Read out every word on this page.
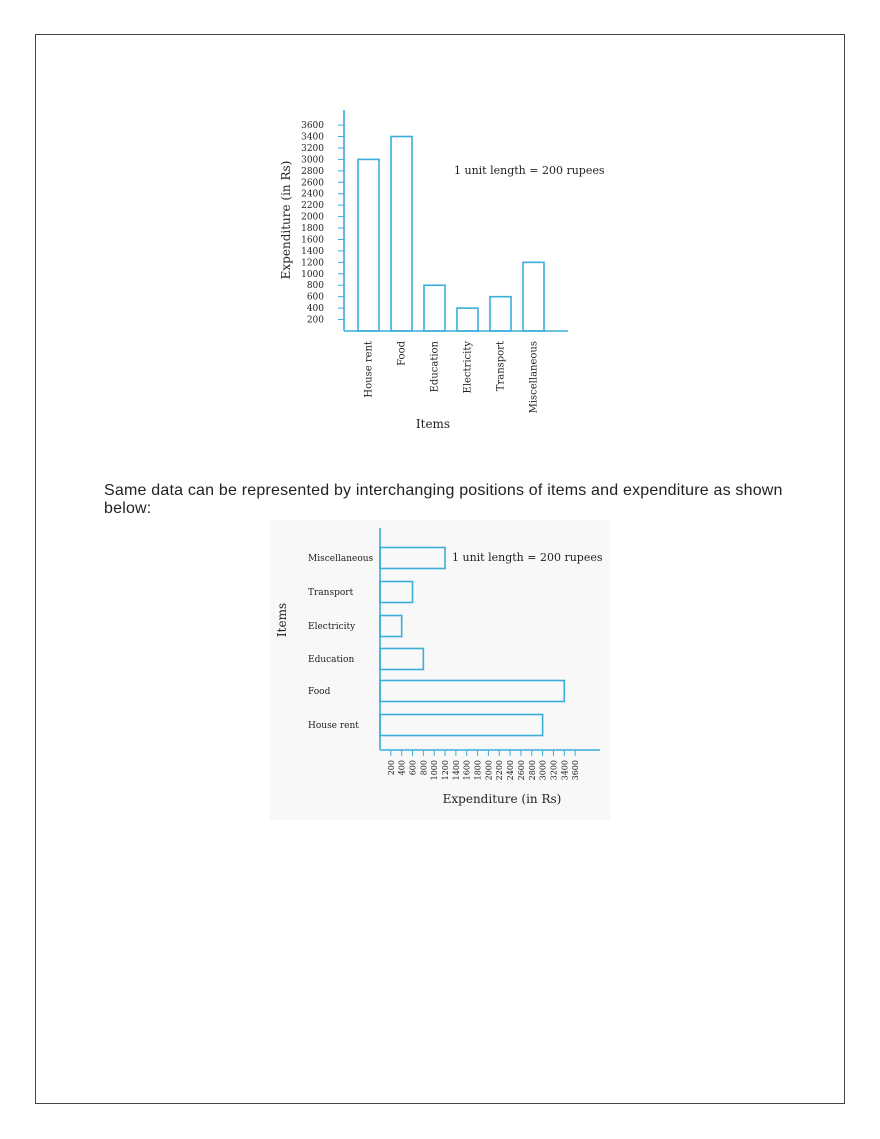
200
400
600
800
1000
1200
1400
1600
1800
2000
2200
2400
2600
2800
3000
3200
3400
3600
House rent Food Education Electricity Transport Miscellaneous
Expenditure (in Rs)
Items
1 unit length = 200 rupees

Same data can be represented by interchanging positions of items and expenditure as shown below:

200 400 600 800 1000 1200 1400 1600 1800 2000 2200 2400 2600 2800 3000 3200 3400 3600
House rent
Food
Education
Electricity
Transport
Miscellaneous
Items
Expenditure (in Rs)
1 unit length = 200 rupees
